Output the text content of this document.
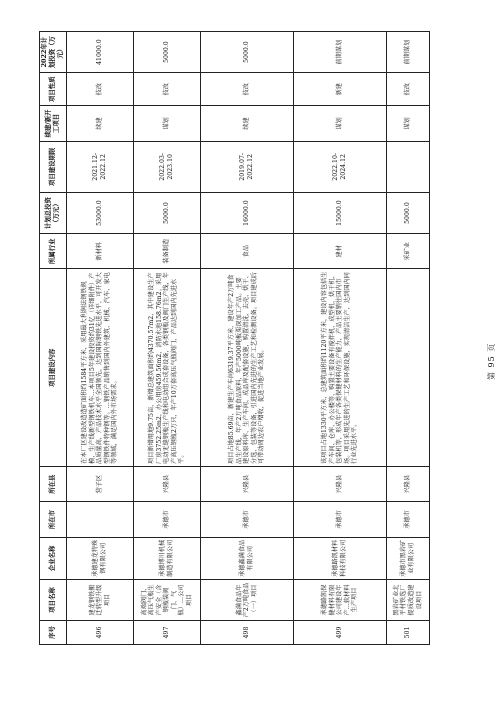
序号	项目名称	企业名称	所在市	所在县	项目建设内容	所属行业	计划总投资（万元）	项目建设期限	续建/新开工项目	项目性质	2022年计划投资（万元）
496	建龙钢铁搬迁转型升级项目	承德建龙特殊钢有限公司		营子区	在本厂区建设改造造矿面积约1584平方米，采用最大利润法钢铁规模，生产线新型钢铁机车…本项目5年建设投资约31亿（详细附件）产品质量高，产品技术水平全国领先，达到国际钢铁先进水平，可开发大型钢铁件特种钢等。…钢铁产品销售到国内外建筑、机械、汽车、家电等领域，满足国内外市场需求。	新材料	53000.0	2021.12-2022.12	续建	技改	41000.0
497	高端阀门、高压气瓶生产安全（含钢瓶装阀门、气瓶）…公司项目	承德博川机械制造有限公司	承德市	兴隆县	项目新增用地9.75亩，新增总建筑面积约4370.57m2，其中建设生产厂房3752.25m2，办公用房459.56m2，消防水池158.76m2。采用电动无缝钢瓶生产线和电动组合成套设备，各类钢瓶及阀门生产线，年产高压钢瓶2万只，年产10万套高压气瓶阀门，产品达到国内先进水平。	装备制造	5000.0	2022.03-2023.10	谋划	技改	5000.0
498	鑫满食品年产2万吨食品（一）项目	承德鑫满食品有限公司	承德市	兴隆县	项目占地85.69亩，新建生产车间6319.37平方米，建设年产2万吨食品生产线，年产2万吨食品原料，年产5000吨板栗深加工产品。主要建设原料库、生产车间、成品库及配套设施，购置清洗、去壳、烘干、分选、包装等设备，引进国内先进的生产工艺和检测设备。项目建成后可带动周边农户增收，促进当地产业发展。	食品	16000.0	2019.07-2022.12	续建	技改	5000.0
499	承德路凯保健材料有限公司建设年产…软材料生产项目	承德路凯材料科技有限公司	承德市	兴隆县	该项目占地1330平方米，总建筑面积约1120平方米，建设内容包括生产车间、仓库、办公楼等，购置主要设备有搅拌机、成型机、烘干机、包装机等，形成年产各类保健材料的生产能力，产品主要销往国内市场。项目采用先进的生产工艺和环保设施，实现清洁生产，达到国内同行业先进水平。	建材	15000.0	2022.10-2024.12	谋划	新建	前期谋划
501	黑岩矿业北平村铁选厂提质改造建设项目	承德市黑岩矿业有限公司	承德市	兴隆县		采矿业	5000.0		谋划	技改	前期谋划
第 95 页
